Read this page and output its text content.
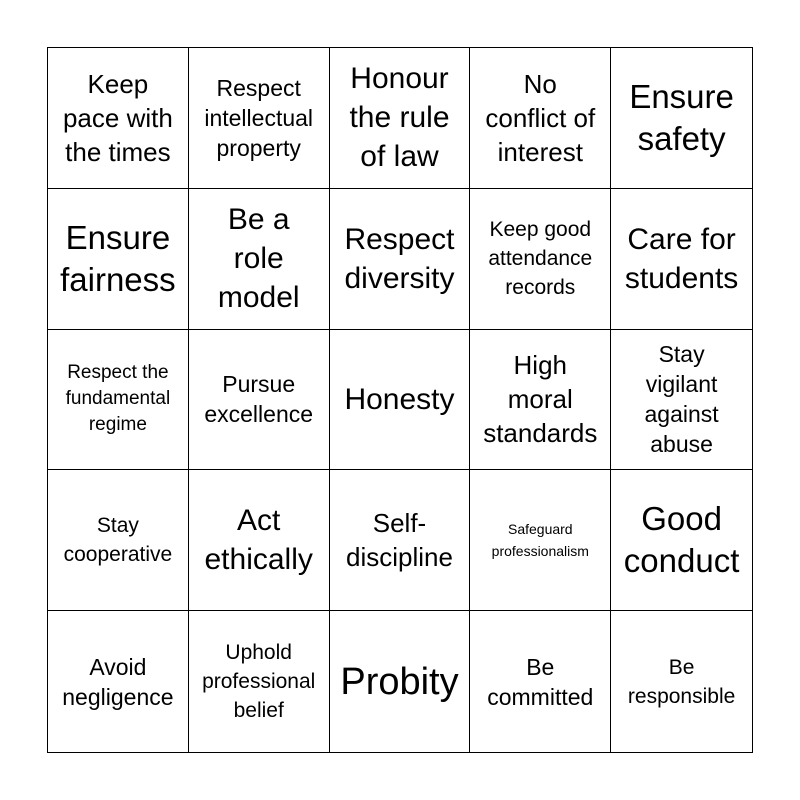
Keep
pace with
the times
Respect
intellectual
property
Honour
the rule
of law
No
conflict of
interest
Ensure
safety
Ensure
fairness
Be a
role
model
Respect
diversity
Keep good
attendance
records
Care for
students
Respect the
fundamental
regime
Pursue
excellence Honesty
High
moral
standards
Stay
vigilant
against
abuse
Stay
cooperative
Act
ethically
Self-
discipline
Safeguard
professionalism
Good
conduct
Avoid
negligence
Uphold
professional
belief
Probity	Be
committed
Be
responsible
